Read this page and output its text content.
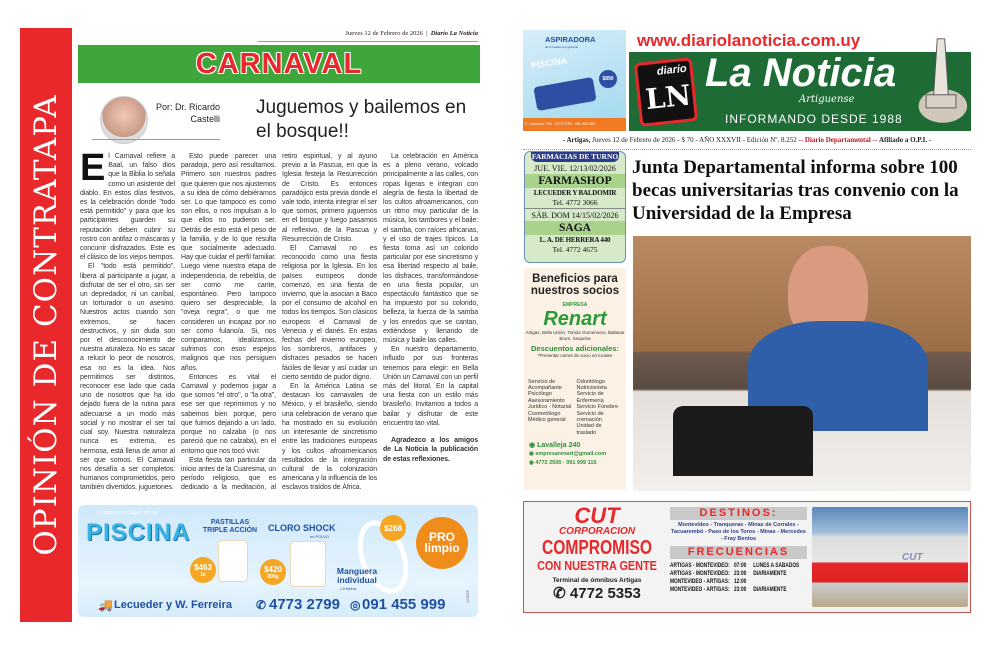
OPINIÓN DE CONTRATAPA
Jueves 12 de Febrero de 2026 | Diario La Noticia
CARNAVAL
Por: Dr. Ricardo Castelli
Juguemos y bailemos en el bosque!!

El Carnaval refiere a Baal, un falso dios que la Biblia lo señala como un asistente del diablo. En estos días festivos, es la celebración donde "todo está permitido" y para que los participantes guarden su reputación deben cubrir su rostro con antifaz o máscaras y concurrir disfrazados. Este es el clásico de los viejos tiempos.

El "todo está permitido", libera al participante a jugar, a disfrutar de ser el otro, sin ser un depredador, ni un caníbal, un torturador o un asesino. Nuestros actos cuando son extremos, se hacen destructivos, y sin duda son por el desconocimiento de nuestra aturaleza. No es sacar a relucir lo peor de nosotros, esa no es la idea. Nos permitimos ser distintos, reconocer ese lado que cada uno de nosotros que ha ido dejado fuera de la rutina para adecuarse a un modo más social y no mostrar el ser tal cual soy. Nuestra naturaleza nunca es extrema, es hermosa, está llena de amor al ser que somos. El Carnaval nos desafía a ser completos: humanos comprometidos, pero también divertidos, juguetones.

Esto puede parecer una paradoja, pero así resultamos. Primero son nuestros padres que quieren que nos ajustemos a su idea de cómo debiéramos ser. Lo que tampoco es como son ellos, o nos impulsan a lo que ellos no pudieron ser. Detrás de esto está el peso de la familia, y de lo que resulta que socialmente adecuado. Hay que cuidar el perfil familiar. Luego viene nuestra etapa de independencia, de rebeldía, de ser como me cante, espontáneo. Pero tampoco quiero ser despreciable, la "oveja negra", o que me consideren un incapaz por no ser como fulano/a. Si, nos comparamos, idealizamos, sufrimos con esos espejos malignos que nos persiguen años.

Entonces es vital el Carnaval y podemos jugar a que somos "el otro", o "la otra", ese ser que reprimimos y no sabemos bien porque, pero que fuimos dejando a un lado, porque no calzaba (o nos pareció que no calzaba), en el entorno que nos tocó vivir.

Esta fiesta tan particular da inicio antes de la Cuaresma, un período religioso, que es dedicado a la meditación, al retiro espiritual, y al ayuno previo a la Pascua, en que la Iglesia festeja la Resurrección de Cristo. Es entonces paradójico esta previa donde el vale todo, intenta integrar el ser que somos, primero juguemos en el bosque y luego pasamos al reflexivo, de la Pascua y Resurrección de Cristo.

El Carnaval no es reconocido como una fiesta religiosa por la Iglesia. En los países europeos donde comenzó, es una fiesta de invierno, que la asocian a Baco por el consumo de alcohol en todos los tiempos. Son clásicos europeos el Carnaval de Venecia y el danés. En estas fechas del invierno europeo, los sombreros, antifaces y disfraces pesados se hacen fáciles de llevar y así cuidar un cierto sentido de pudor digno.

En la América Latina se destacan los carnavales de México, y el brasileño, siendo una celebración de verano que ha mostrado en su evolución un interesante de sincretismo entre las tradiciones europeas y los cultos afroamericanos resultados de la integración cultural de la colonización americana y la influencia de los esclavos traídos de África.

La celebración en América es a pleno verano, volcado principalmente a las calles, con ropas ligeras e integran con alegría de fiesta la libertad de los cultos afroamericanos, con un ritmo muy particular de la música, los tambores y el baile: el samba, con raíces africanas, y el uso de trajes típicos. La fiesta toma así un colorido particular por ese sincretismo y esa libertad respecto al baile, los disfraces, transformándose en una fiesta popular, un espectáculo fantástico que se ha impuesto por su colorido, belleza, la fuerza de la samba y los enredos que se cantan, extiéndose y llenando de música y baile las calles.

En nuestro departamento, influido por sus fronteras tenemos para elegir: en Bella Unión un Carnaval con un perfil más del litoral. En la capital una fiesta con un estilo más brasileño. Invitamos a todos a bailar y disfrutar de este encuentro tan vital.

Agradezco a los amigos de La Noticia la publicación de estas reflexiones.

Cuidamos el agua de su
PISCINA	PASTILLAS TRIPLE ACCIÓN
$463
1k
CLORO SHOCK
en POLVO
$420
800g
$268
Manguera individual
1.5 Metros
PRO limpio
🚚 Lecueder y W. Ferreira ✆ 4773 2799 ◎ 091 455 999	12/2025
ASPIRADORA
de 8 ruedas con giratorio
PISCINA
$890
C. Lecueder 799 · 4773 2799 · 091 455 999
www.diariolanoticia.com.uy
diario
LN
La Noticia
Artiguense
INFORMANDO DESDE 1988
- Artigas, Jueves 12 de Febrero de 2026 - $ 70 - AÑO XXXVII - Edición Nº. 8.252 -- Diario Departamental -- Afiliado a O.P.I. -
FARMACIAS DE TURNO
JUE. VIE. 12/13/02/2026
FARMASHOP
LECUEDER Y BALDOMIR
Tel. 4772 3066
SÁB. DOM 14/15/02/2026
SAGA
L. A. DE HERRERA 440
Tel. 4772 4675
Beneficios para nuestros socios
EMPRESA
Renart
Artigas, Bella Unión, Tomás Gomensoro, Baltasar Brum, Sequeira
Descuentos adicionales:
*Presentar carnet de socio en locales
Servicio de Acompañante
Psicólogo
Asesoramiento Jurídico - Notarial
Cosmetólogo
Médico general
Odontólogo
Nutricionista
Servicio de Enfermería
Servicio Fúnebre
Servicio de cremación
Unidad de traslado
◉ Lavalleja 240
◉ empresarenart@gmail.com
◉ 4772 2505 · 091 999 115
Junta Departamental informa sobre 100 becas universitarias tras convenio con la Universidad de la Empresa
CUT
CORPORACION
COMPROMISO
CON NUESTRA GENTE
Terminal de ómnibus Artigas
✆ 4772 5353
DESTINOS:
Montevideo - Tranqueras - Minas de Corrales - Tacuarembó - Paso de los Toros - Minas - Mercedes - Fray Bentos
FRECUENCIAS
ARTIGAS - MONTEVIDEO: 07:00	LUNES A SÁBADOS
ARTIGAS - MONTEVIDEO: 23:00	DIARIAMENTE
MONTEVIDEO - ARTIGAS: 12:00
MONTEVIDEO - ARTIGAS: 23:00	DIARIAMENTE
CUT
